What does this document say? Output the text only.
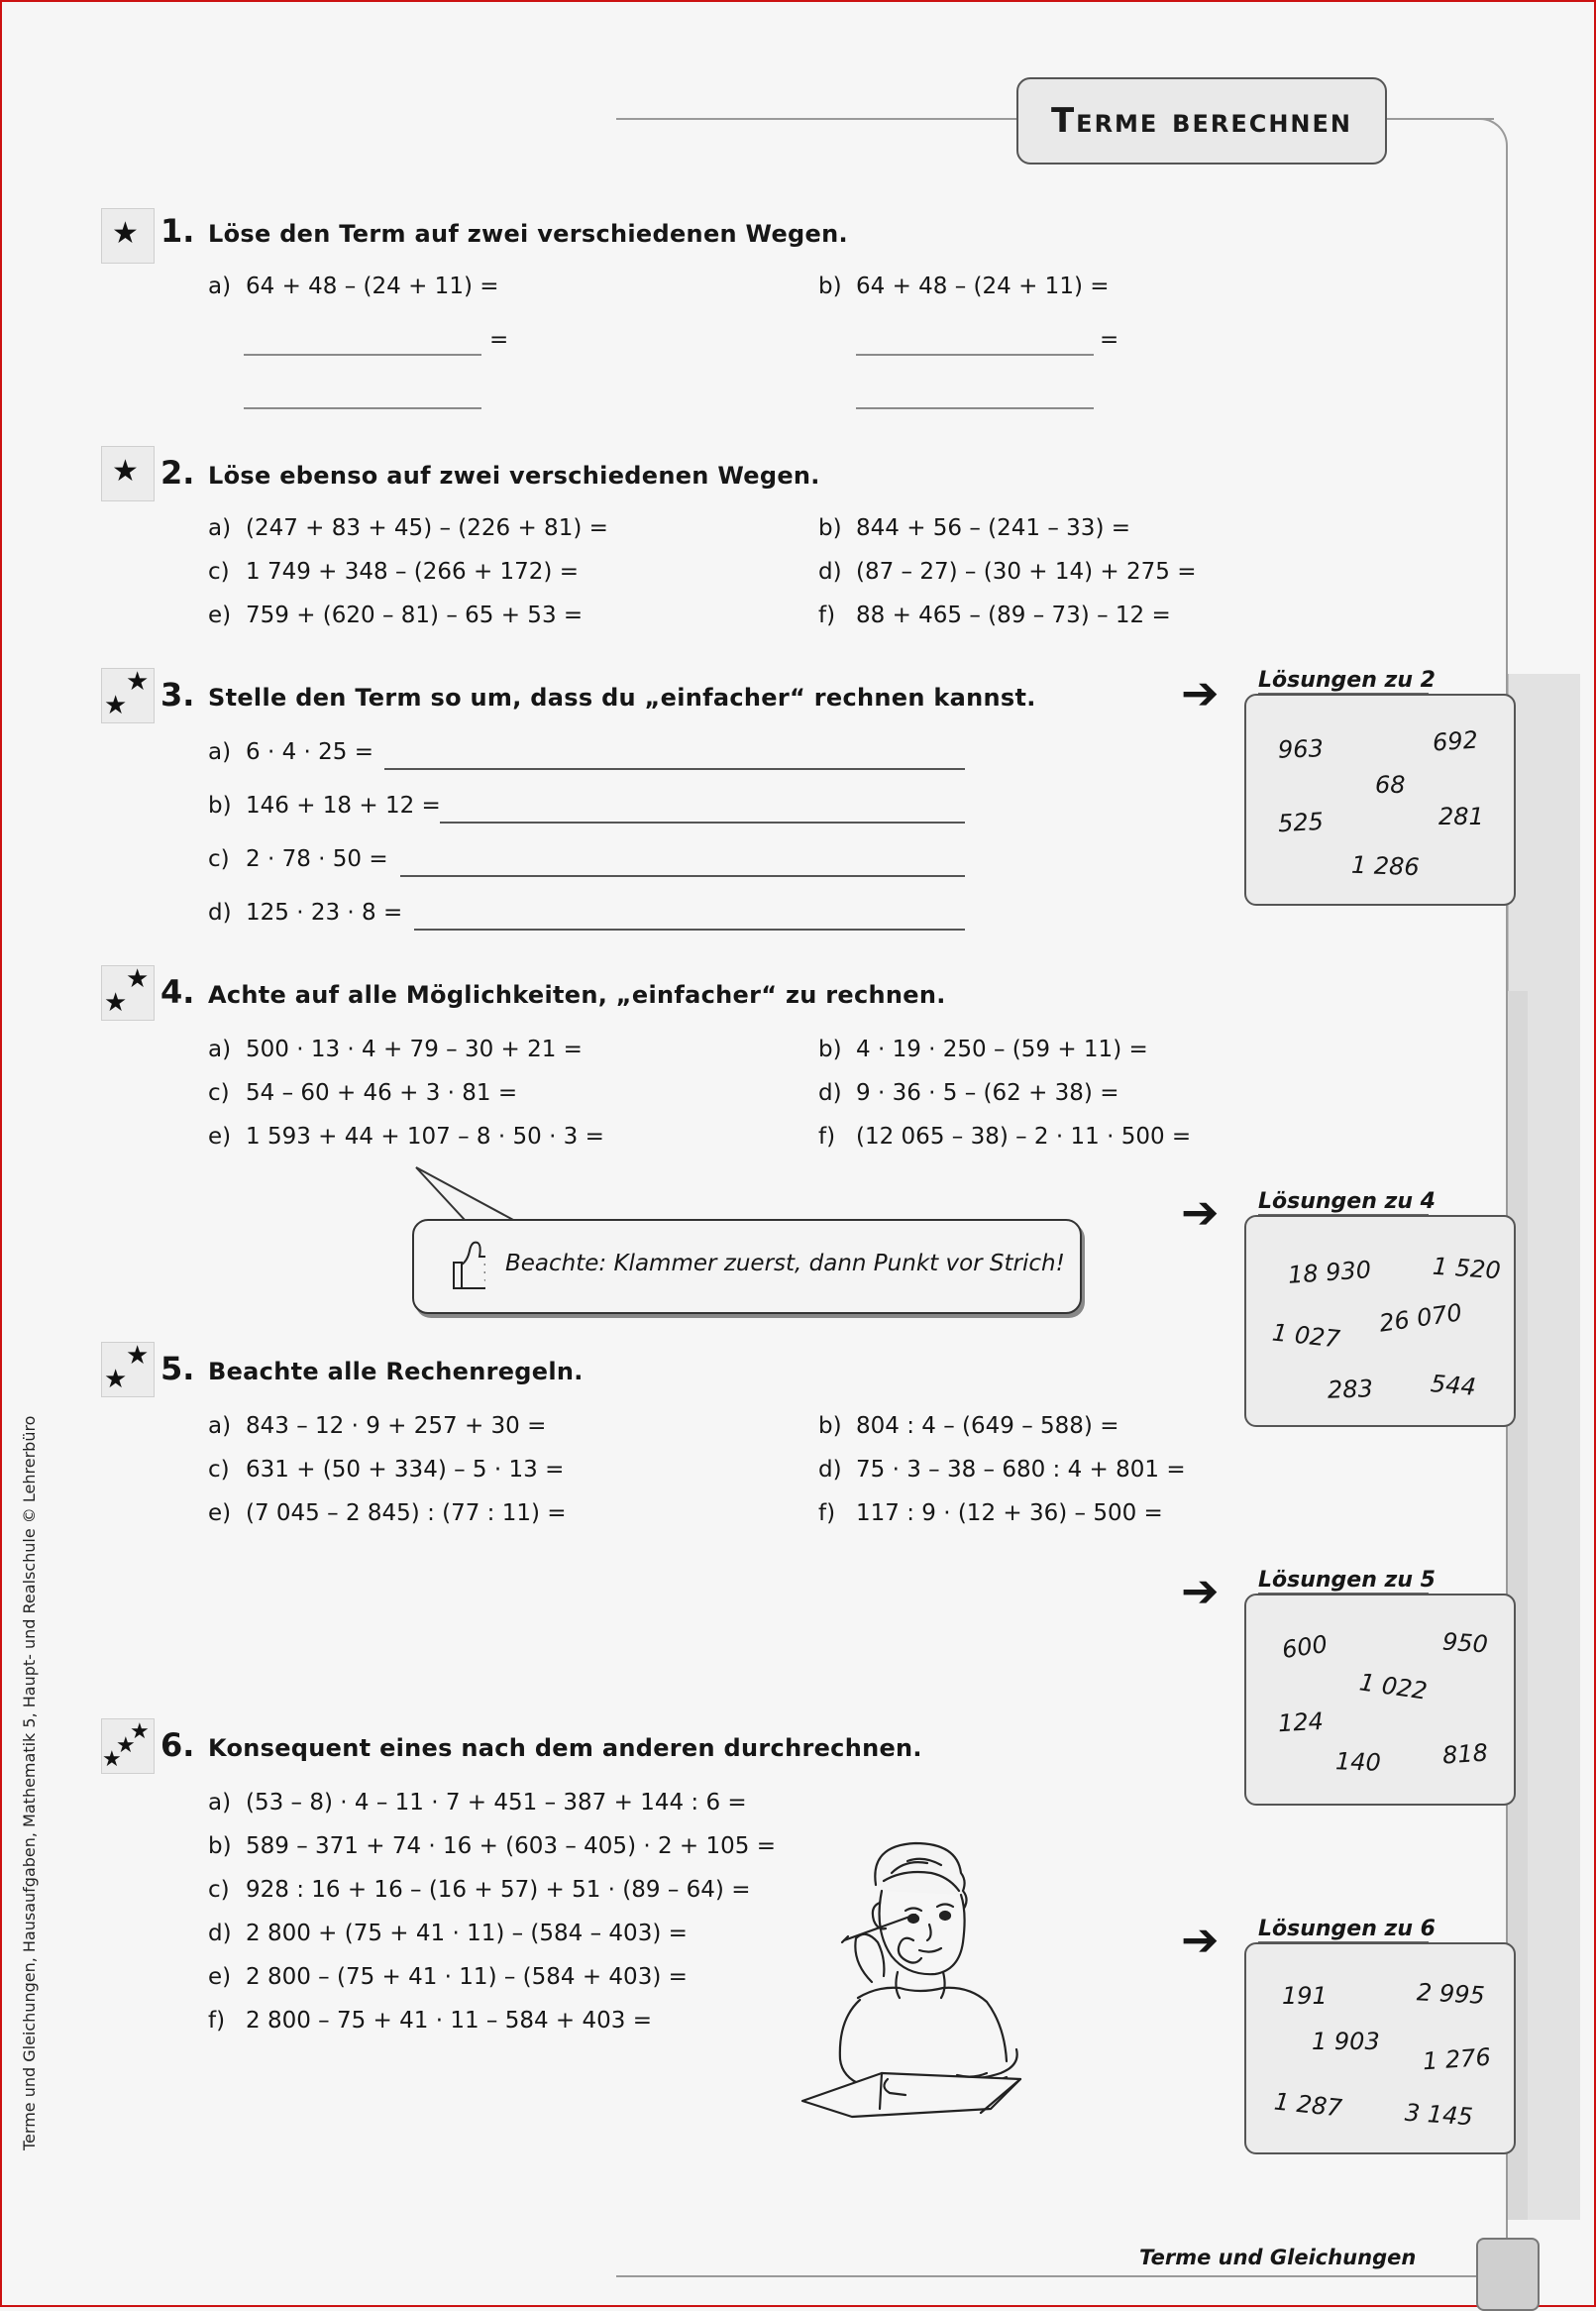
Terme berechnen
★ 1. Löse den Term auf zwei verschiedenen Wegen.
a) 64 + 48 – (24 + 11) =	b) 64 + 48 – (24 + 11) =
=	=
★ 2. Löse ebenso auf zwei verschiedenen Wegen.
a) (247 + 83 + 45) – (226 + 81) =	b) 844 + 56 – (241 – 33) =
c) 1 749 + 348 – (266 + 172) =	d) (87 – 27) – (30 + 14) + 275 =
e) 759 + (620 – 81) – 65 + 53 =	f) 88 + 465 – (89 – 73) – 12 =
★
★ 3. Stelle den Term so um, dass du „einfacher“ rechnen kannst.
a) 6 · 4 · 25 =
b) 146 + 18 + 12 =
c) 2 · 78 · 50 =
d) 125 · 23 · 8 =
★
★ 4. Achte auf alle Möglichkeiten, „einfacher“ zu rechnen.
a) 500 · 13 · 4 + 79 – 30 + 21 =	b) 4 · 19 · 250 – (59 + 11) =
c) 54 – 60 + 46 + 3 · 81 =	d) 9 · 36 · 5 – (62 + 38) =
e) 1 593 + 44 + 107 – 8 · 50 · 3 =	f) (12 065 – 38) – 2 · 11 · 500 =
Beachte: Klammer zuerst, dann Punkt vor Strich!
★
★ 5. Beachte alle Rechenregeln.
a) 843 – 12 · 9 + 257 + 30 =	b) 804 : 4 – (649 – 588) =
c) 631 + (50 + 334) – 5 · 13 =	d) 75 · 3 – 38 – 680 : 4 + 801 =
e) (7 045 – 2 845) : (77 : 11) =	f) 117 : 9 · (12 + 36) – 500 =
★
★
★ 6. Konsequent eines nach dem anderen durchrechnen.
a) (53 – 8) · 4 – 11 · 7 + 451 – 387 + 144 : 6 =
b) 589 – 371 + 74 · 16 + (603 – 405) · 2 + 105 =
c) 928 : 16 + 16 – (16 + 57) + 51 · (89 – 64) =
d) 2 800 + (75 + 41 · 11) – (584 – 403) =
e) 2 800 – (75 + 41 · 11) – (584 + 403) =
f) 2 800 – 75 + 41 · 11 – 584 + 403 =
➔ Lösungen zu 2
963	692
68
525	281
1 286
➔ Lösungen zu 4
18 930	1 520
1 027 26 070
283 544
➔ Lösungen zu 5
600	950
1 022
124
140	818
➔ Lösungen zu 6
191	2 995
1 903
1 276
1 287	3 145
Terme und Gleichungen, Hausaufgaben, Mathematik 5, Haupt- und Realschule © Lehrerbüro
Terme und Gleichungen
